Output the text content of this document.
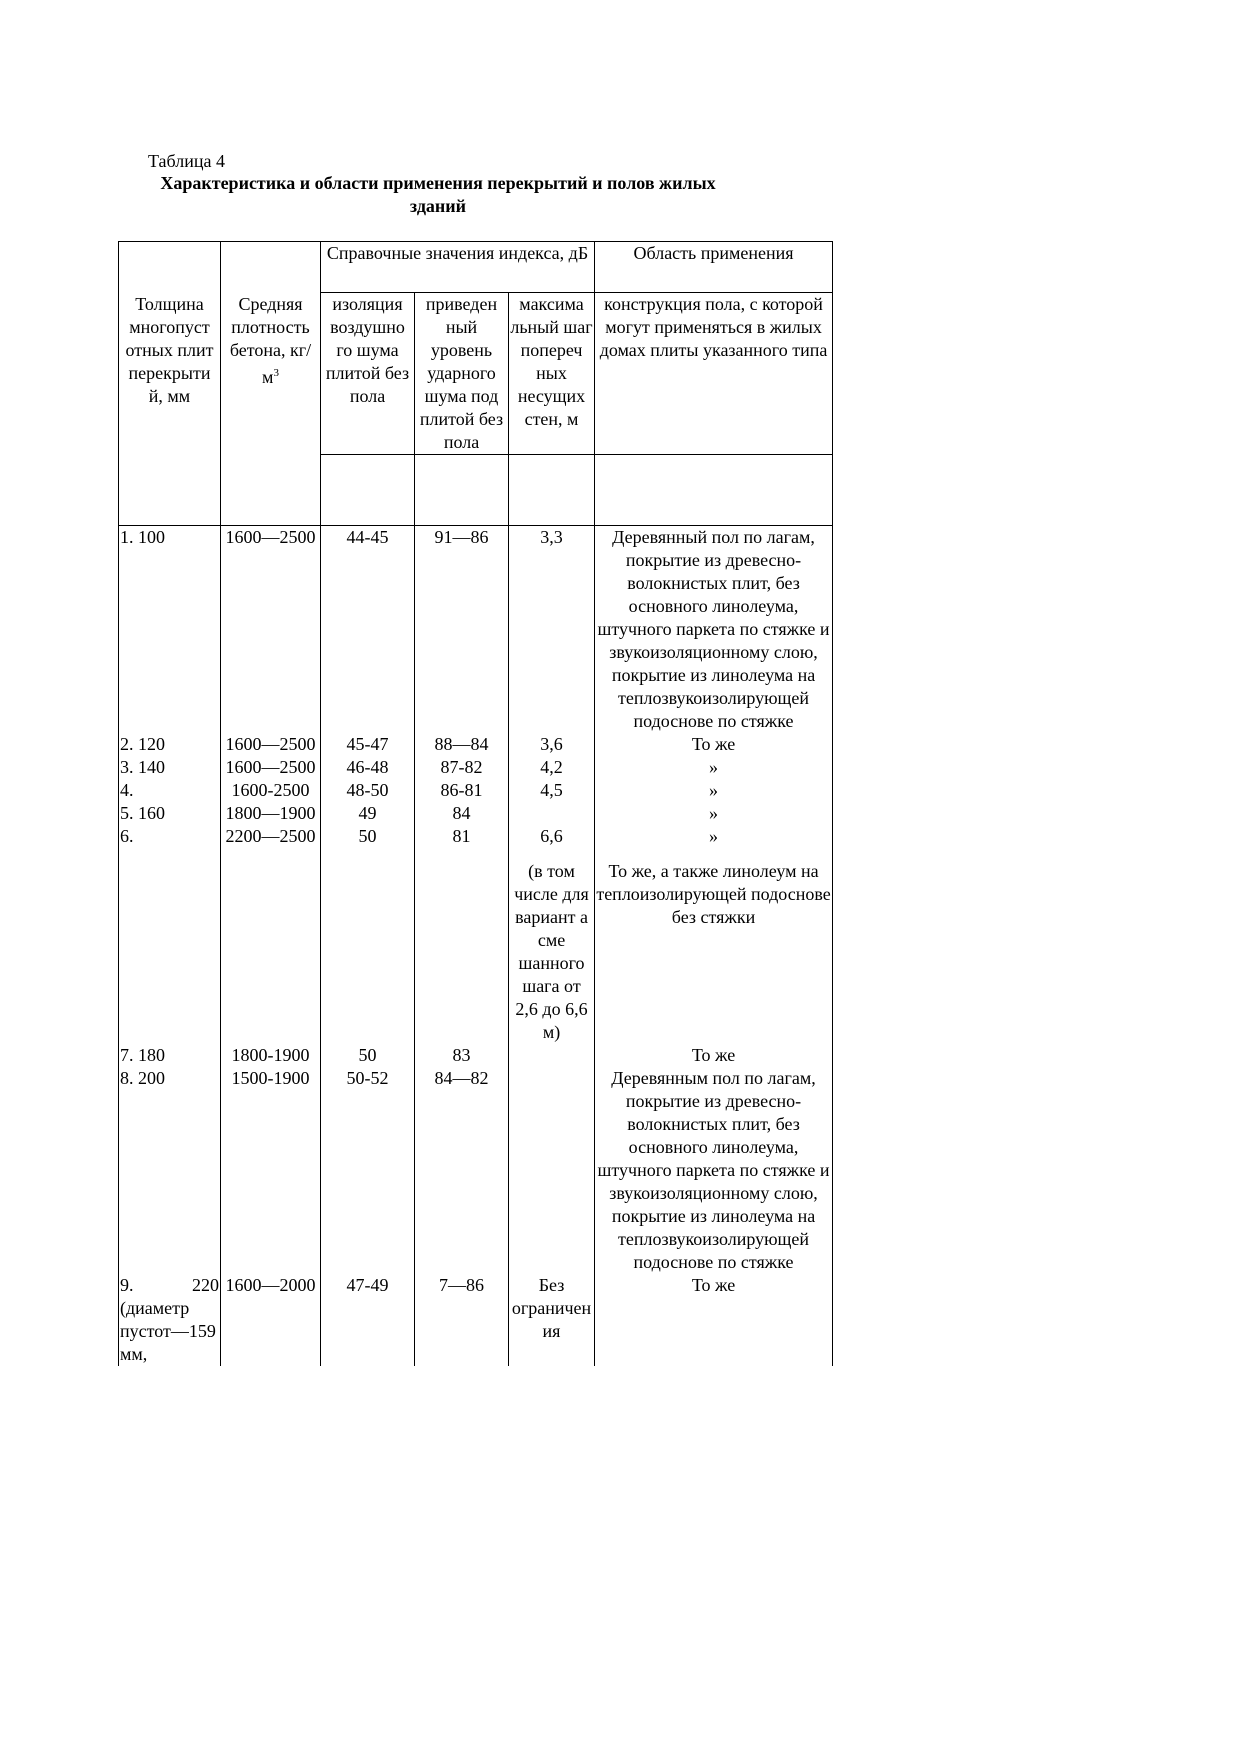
Таблица 4
Характеристика и области применения перекрытий и полов жилых
зданий
		Справочные значения индекса, дБ			Область применения
Толщина многопуст отных плит перекрыти й, мм	Средняя плотность бетона, $кг/м^3$	изоляция воздушно го шума плитой без пола	приведен ный уровень ударного шума под плитой без пола	максима льный шаг попереч ных несущих стен, м	конструкция пола, с которой могут применяться в жилых домах плиты указанного типа

1. 100	1600—2500	44-45	91—86	3,3	Деревянный пол по лагам, покрытие из древесно-волокнистых плит, без основного линолеума, штучного паркета по стяжке и звукоизоляционному слою, покрытие из линолеума на теплозвукоизолирующей подоснове по стяжке
2. 120	1600—2500	45-47	88—84	3,6	То же
3. 140	1600—2500	46-48	87-82	4,2	»
4.	1600-2500	48-50	86-81	4,5	»
5. 160	1800—1900	49	84		»
6.	2200—2500	50	81	6,6	»
				(в том числе для вариант а сме шанного шага от 2,6 до 6,6 м)	То же, а также линолеум на теплоизолирующей подоснове без стяжки
7. 180	1800-1900	50	83		То же
8. 200	1500-1900	50-52	84—82		Деревянным пол по лагам, покрытие из древесно-волокнистых плит, без основного линолеума, штучного паркета по стяжке и звукоизоляционному слою, покрытие из линолеума на теплозвукоизолирующей подоснове по стяжке
9. 220 (диаметр пустот—159 мм,	1600—2000	47-49	7—86	Без ограничения	То же
